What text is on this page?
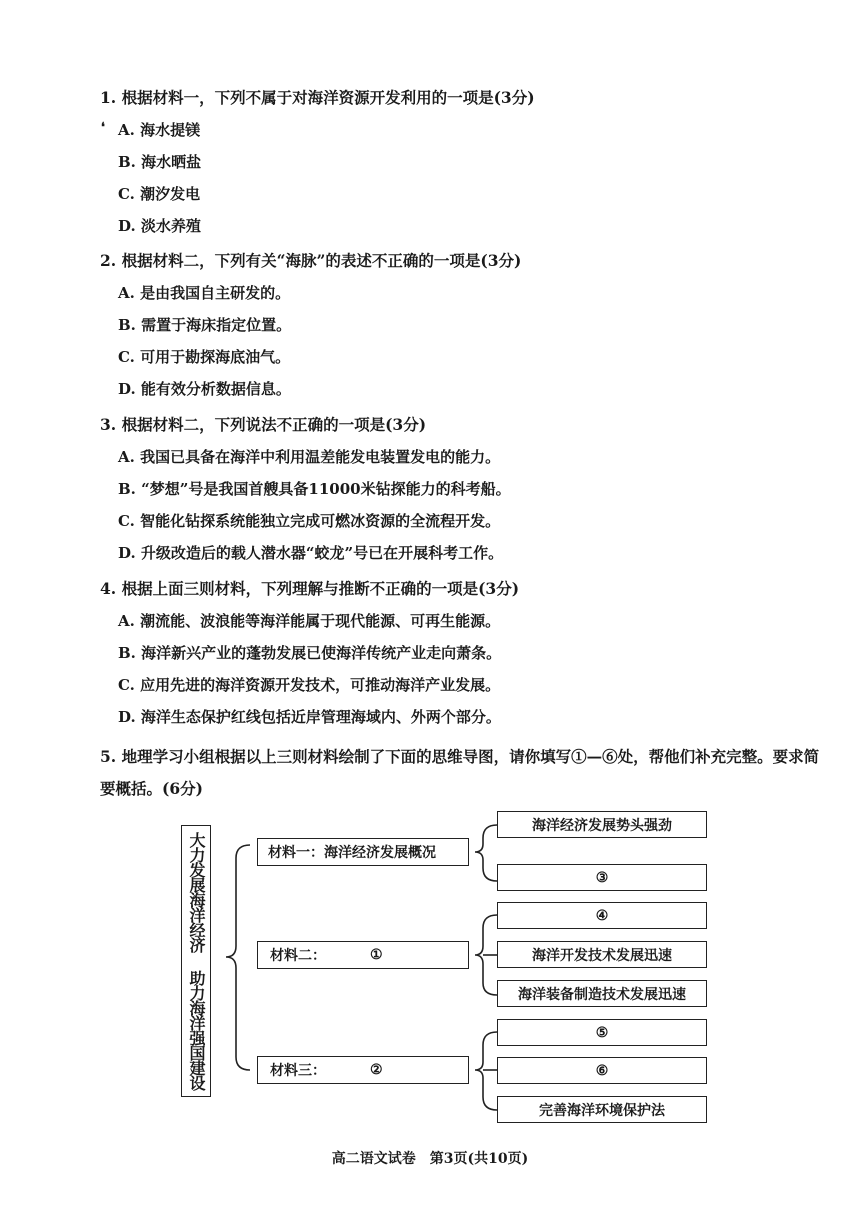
❛
1. 根据材料一，下列不属于对海洋资源开发利用的一项是(3分)
A. 海水提镁
B. 海水晒盐
C. 潮汐发电
D. 淡水养殖
2. 根据材料二，下列有关“海脉”的表述不正确的一项是(3分)
A. 是由我国自主研发的。
B. 需置于海床指定位置。
C. 可用于勘探海底油气。
D. 能有效分析数据信息。
3. 根据材料二，下列说法不正确的一项是(3分)
A. 我国已具备在海洋中利用温差能发电装置发电的能力。
B. “梦想”号是我国首艘具备11000米钻探能力的科考船。
C. 智能化钻探系统能独立完成可燃冰资源的全流程开发。
D. 升级改造后的载人潜水器“蛟龙”号已在开展科考工作。
4. 根据上面三则材料，下列理解与推断不正确的一项是(3分)
A. 潮流能、波浪能等海洋能属于现代能源、可再生能源。
B. 海洋新兴产业的蓬勃发展已使海洋传统产业走向萧条。
C. 应用先进的海洋资源开发技术，可推动海洋产业发展。
D. 海洋生态保护红线包括近岸管理海域内、外两个部分。
5. 地理学习小组根据以上三则材料绘制了下面的思维导图，请你填写①—⑥处，帮他们补充完整。要求简要概括。(6分)
大力发展海洋经济 助力海洋强国建设	材料一：海洋经济发展概况
材料二：	①
材料三：	②
海洋经济发展势头强劲
③
④
海洋开发技术发展迅速
海洋装备制造技术发展迅速
⑤
⑥
完善海洋环境保护法
高二语文试卷　第3页(共10页)
